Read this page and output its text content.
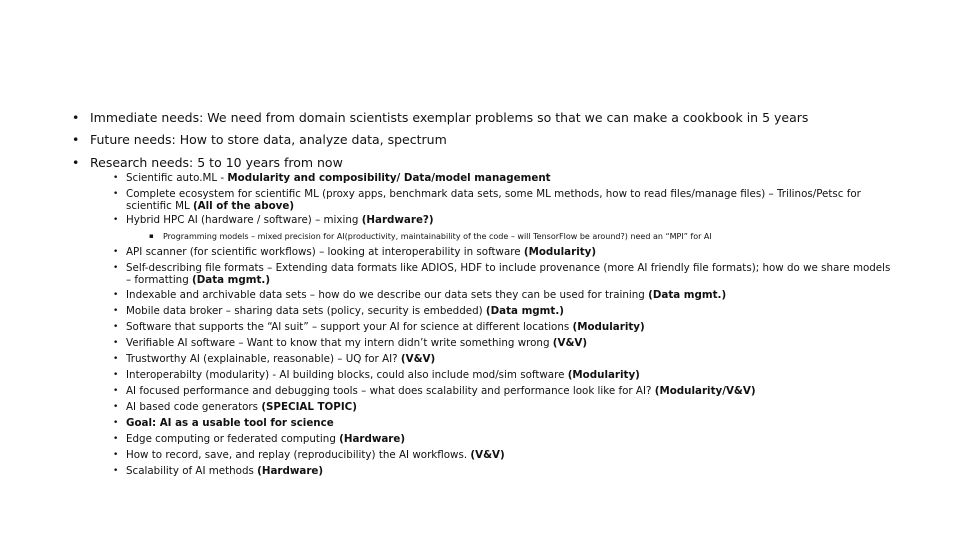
• Immediate needs: We need from domain scientists exemplar problems so that we can make a cookbook in 5 years
• Future needs: How to store data, analyze data, spectrum
• Research needs: 5 to 10 years from now
• Scientific auto.ML - Modularity and composibility/ Data/model management
• Complete ecosystem for scientific ML (proxy apps, benchmark data sets, some ML methods, how to read files/manage files) – Trilinos/Petsc for scientific ML (All of the above)
• Hybrid HPC AI (hardware / software) – mixing (Hardware?)
▪ Programming models – mixed precision for AI(productivity, maintainability of the code – will TensorFlow be around?) need an “MPI” for AI
• API scanner (for scientific workflows) – looking at interoperability in software (Modularity)
• Self-describing file formats – Extending data formats like ADIOS, HDF to include provenance (more AI friendly file formats); how do we share models – formatting (Data mgmt.)
• Indexable and archivable data sets – how do we describe our data sets they can be used for training (Data mgmt.)
• Mobile data broker – sharing data sets (policy, security is embedded) (Data mgmt.)
• Software that supports the “AI suit” – support your AI for science at different locations (Modularity)
• Verifiable AI software – Want to know that my intern didn’t write something wrong (V&V)
• Trustworthy AI (explainable, reasonable) – UQ for AI? (V&V)
• Interoperabilty (modularity) - AI building blocks, could also include mod/sim software (Modularity)
• AI focused performance and debugging tools – what does scalability and performance look like for AI? (Modularity/V&V)
• AI based code generators (SPECIAL TOPIC)
• Goal: AI as a usable tool for science
• Edge computing or federated computing (Hardware)
• How to record, save, and replay (reproducibility) the AI workflows. (V&V)
• Scalability of AI methods (Hardware)
